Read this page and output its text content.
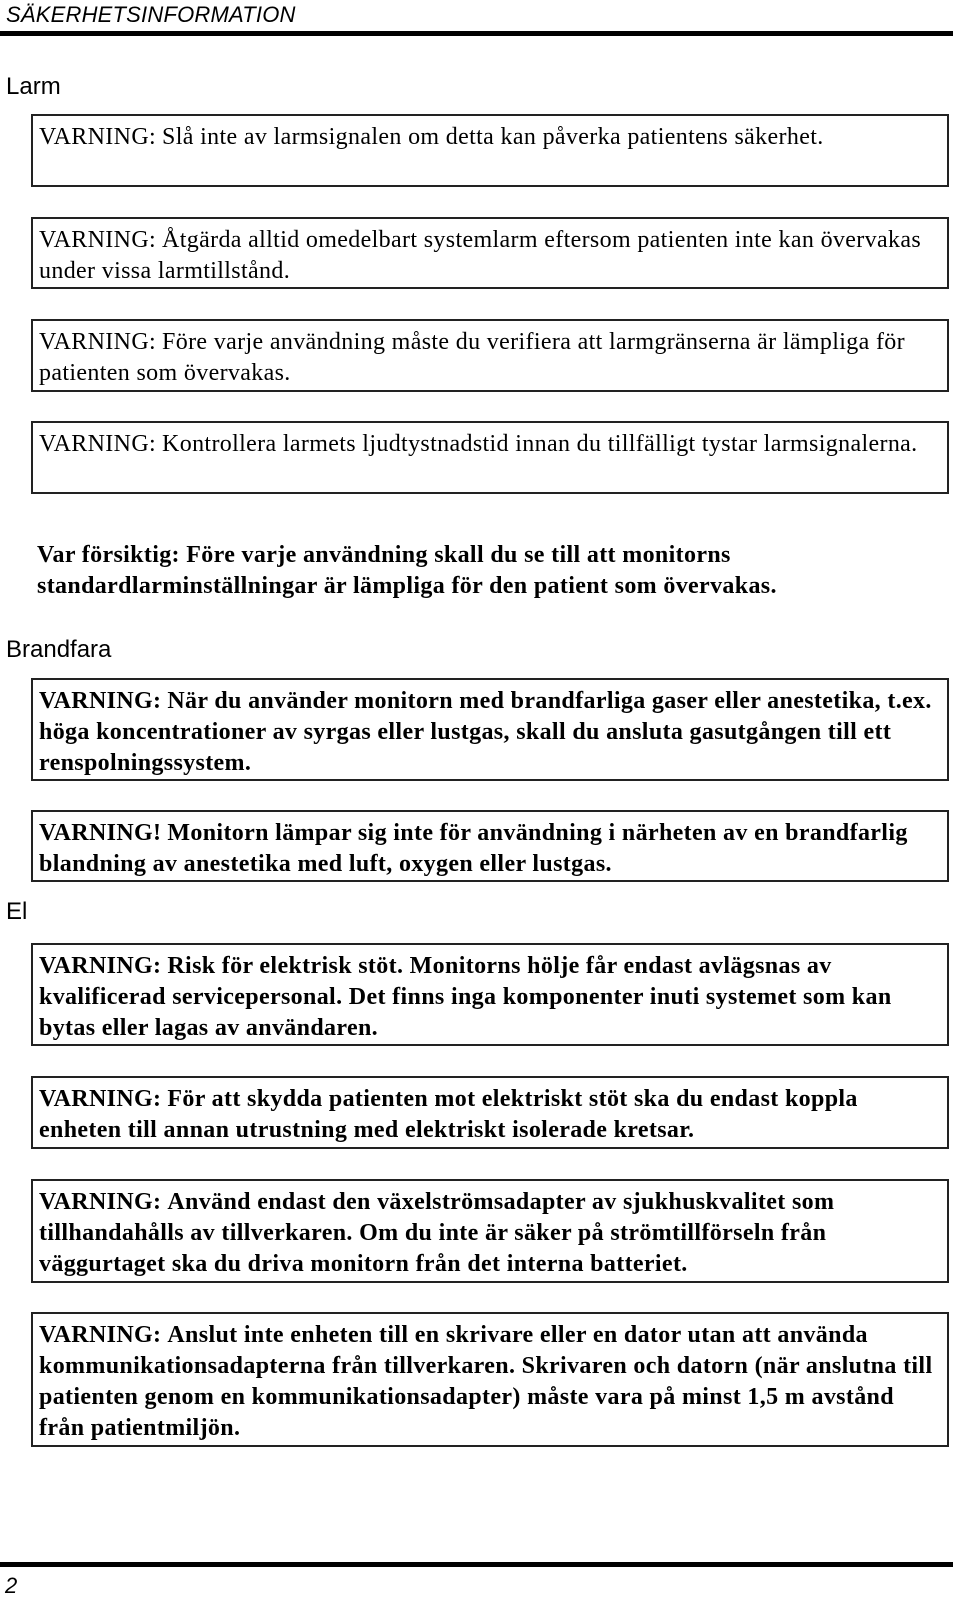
SÄKERHETSINFORMATION
Larm
VARNING: Slå inte av larmsignalen om detta kan påverka patientens säkerhet.
VARNING: Åtgärda alltid omedelbart systemlarm eftersom patienten inte kan övervakas under vissa larmtillstånd.
VARNING: Före varje användning måste du verifiera att larmgränserna är lämpliga för patienten som övervakas.
VARNING: Kontrollera larmets ljudtystnadstid innan du tillfälligt tystar larmsignalerna.
Var försiktig: Före varje användning skall du se till att monitorns standardlarminställningar är lämpliga för den patient som övervakas.
Brandfara
VARNING: När du använder monitorn med brandfarliga gaser eller anestetika, t.ex. höga koncentrationer av syrgas eller lustgas, skall du ansluta gasutgången till ett renspolningssystem.
VARNING! Monitorn lämpar sig inte för användning i närheten av en brandfarlig blandning av anestetika med luft, oxygen eller lustgas.
El
VARNING: Risk för elektrisk stöt. Monitorns hölje får endast avlägsnas av kvalificerad servicepersonal. Det finns inga komponenter inuti systemet som kan bytas eller lagas av användaren.
VARNING: För att skydda patienten mot elektriskt stöt ska du endast koppla enheten till annan utrustning med elektriskt isolerade kretsar.
VARNING: Använd endast den växelströmsadapter av sjukhuskvalitet som tillhandahålls av tillverkaren. Om du inte är säker på strömtillförseln från väggurtaget ska du driva monitorn från det interna batteriet.
VARNING: Anslut inte enheten till en skrivare eller en dator utan att använda kommunikationsadapterna från tillverkaren. Skrivaren och datorn (när anslutna till patienten genom en kommunikationsadapter) måste vara på minst 1,5 m avstånd från patientmiljön.
2
